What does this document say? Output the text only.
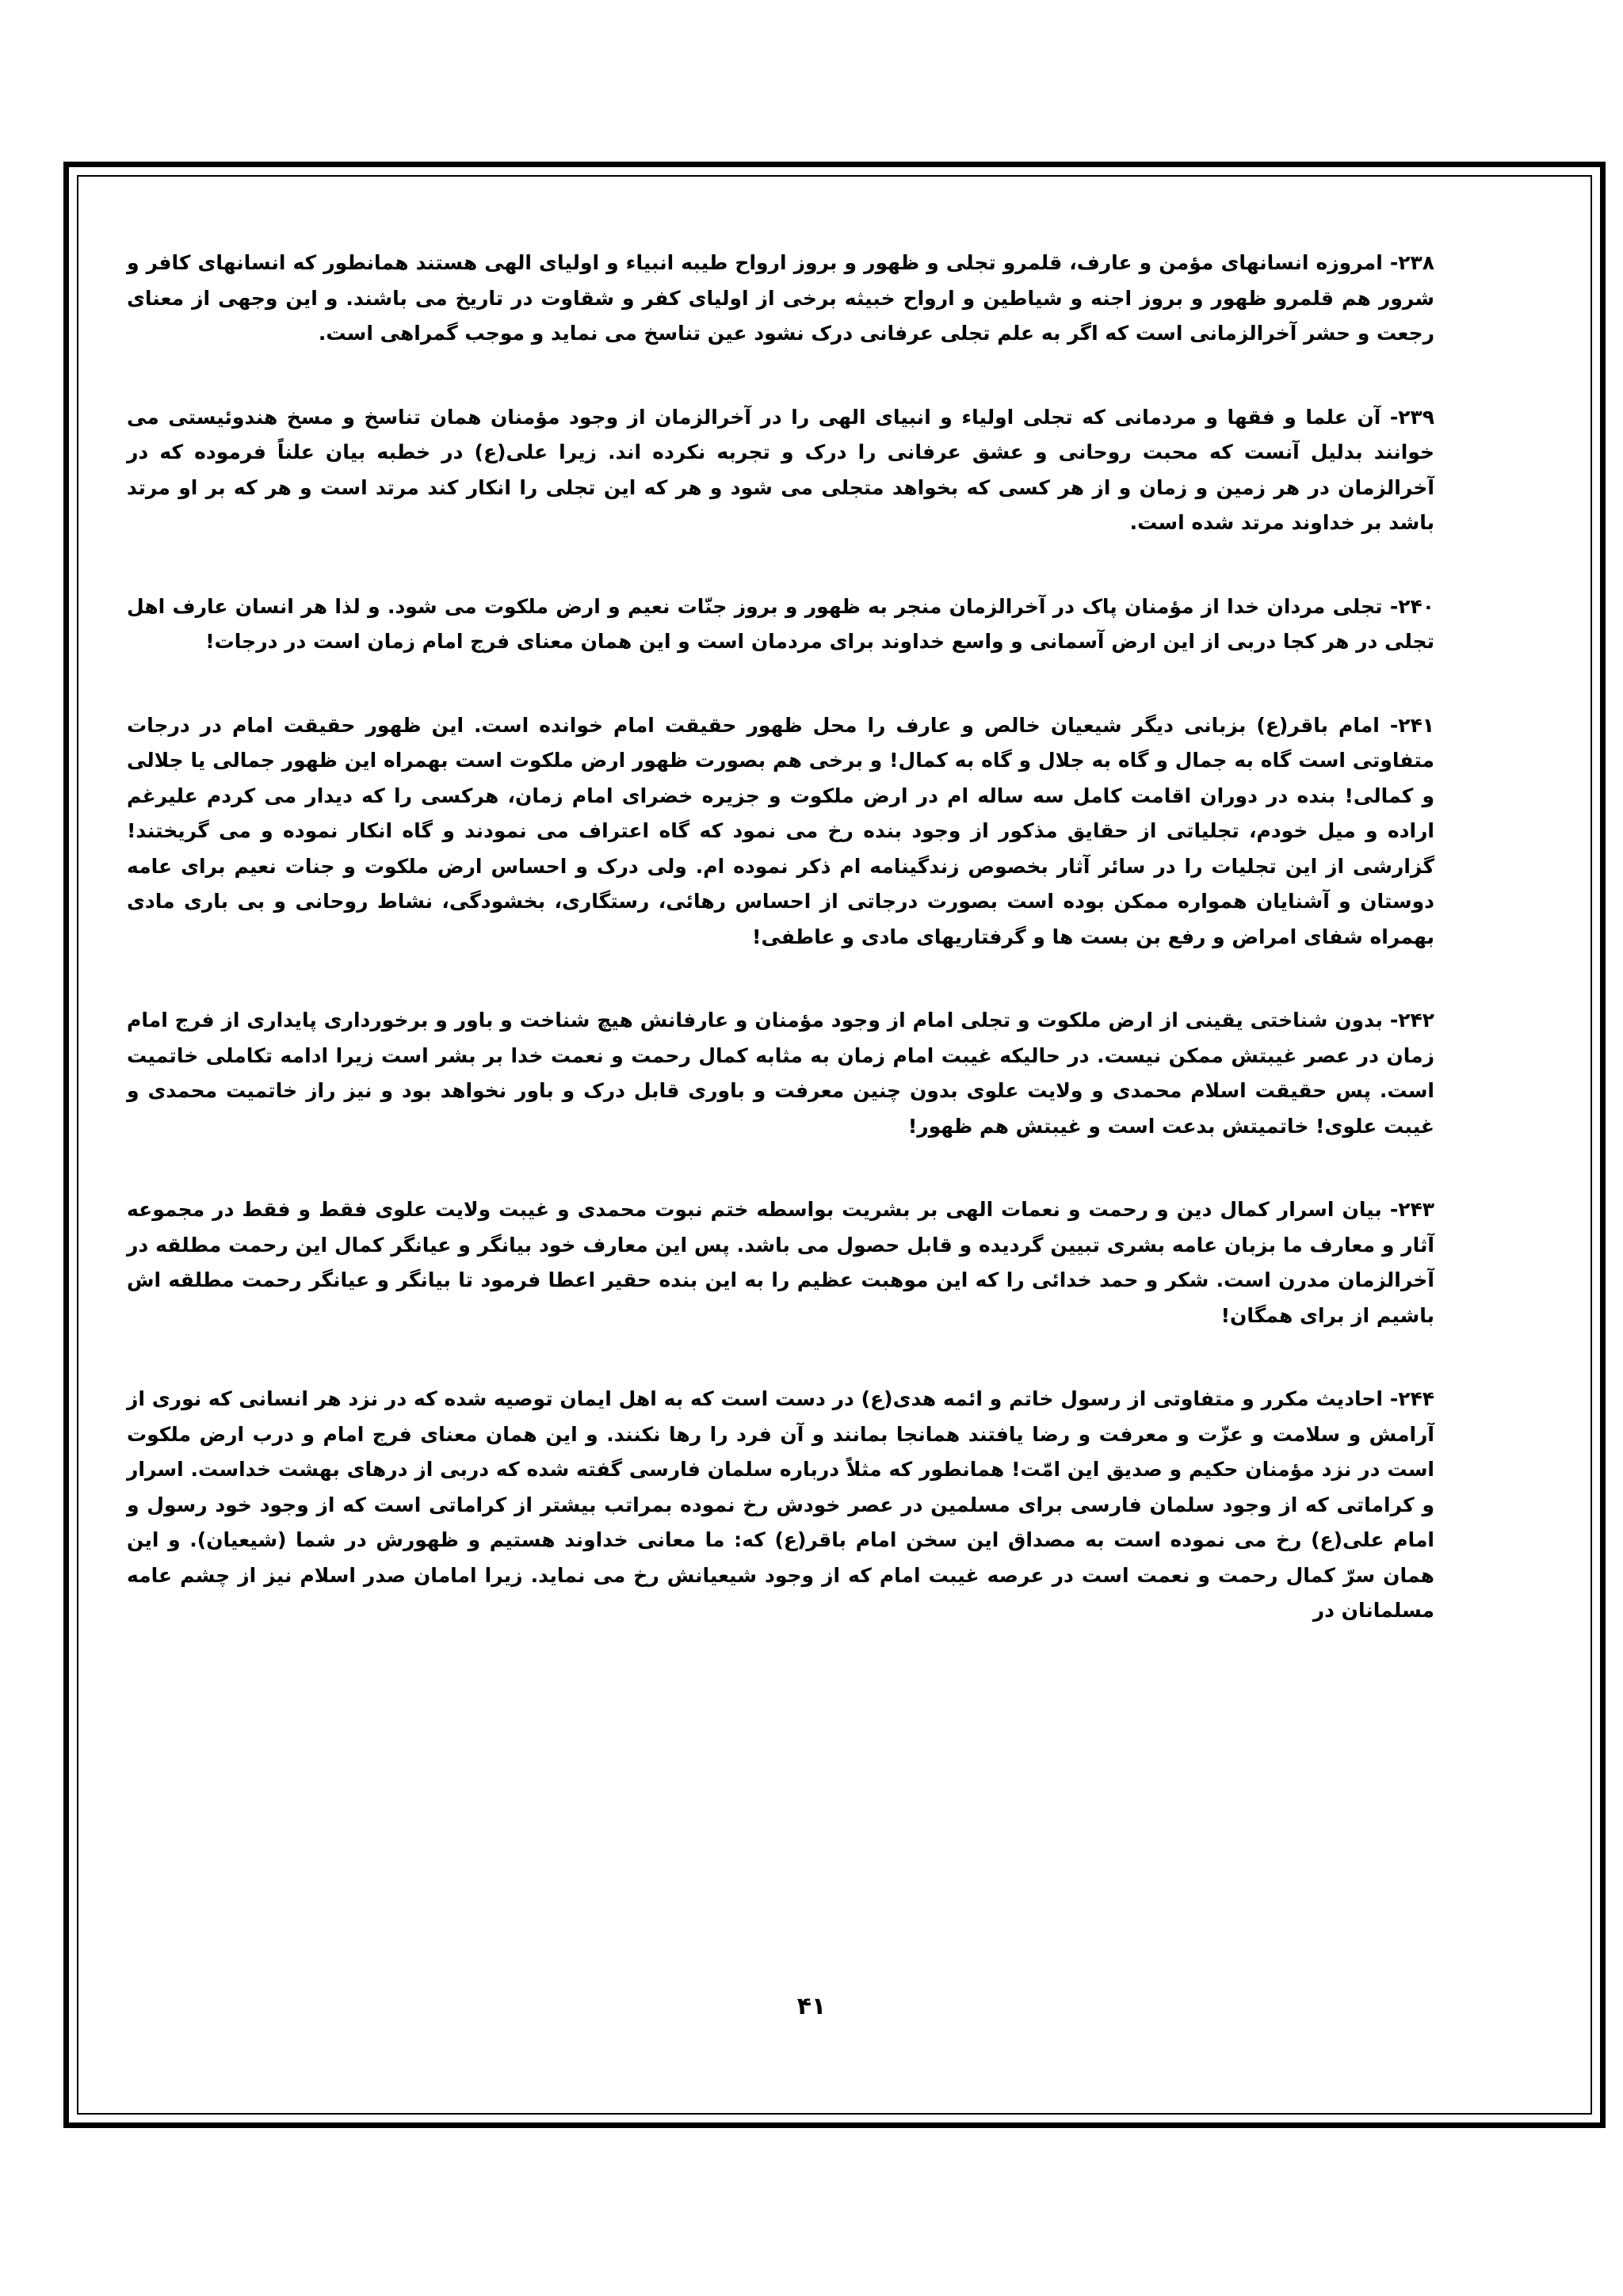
۲۳۸- امروزه انسانهای مؤمن و عارف، قلمرو تجلی و ظهور و بروز ارواح طیبه انبیاء و اولیای الهی هستند همانطور که انسانهای کافر و شرور هم قلمرو ظهور و بروز اجنه و شیاطین و ارواح خبیثه برخی از اولیای کفر و شقاوت در تاریخ می باشند. و این وجهی از معنای رجعت و حشر آخرالزمانی است که اگر به علم تجلی عرفانی درک نشود عین تناسخ می نماید و موجب گمراهی است.

۲۳۹- آن علما و فقها و مردمانی که تجلی اولیاء و انبیای الهی را در آخرالزمان از وجود مؤمنان همان تناسخ و مسخ هندوئیستی می خوانند بدلیل آنست که محبت روحانی و عشق عرفانی را درک و تجربه نکرده اند. زیرا علی(ع) در خطبه بیان علناً فرموده که در آخرالزمان در هر زمین و زمان و از هر کسی که بخواهد متجلی می شود و هر که این تجلی را انکار کند مرتد است و هر که بر او مرتد باشد بر خداوند مرتد شده است.

۲۴۰- تجلی مردان خدا از مؤمنان پاک در آخرالزمان منجر به ظهور و بروز جنّات نعیم و ارض ملکوت می شود. و لذا هر انسان عارف اهل تجلی در هر کجا دربی از این ارض آسمانی و واسع خداوند برای مردمان است و این همان معنای فرج امام زمان است در درجات!

۲۴۱- امام باقر(ع) بزبانی دیگر شیعیان خالص و عارف را محل ظهور حقیقت امام خوانده است. این ظهور حقیقت امام در درجات متفاوتی است گاه به جمال و گاه به جلال و گاه به کمال! و برخی هم بصورت ظهور ارض ملکوت است بهمراه این ظهور جمالی یا جلالی و کمالی! بنده در دوران اقامت کامل سه ساله ام در ارض ملکوت و جزیره خضرای امام زمان، هرکسی را که دیدار می کردم علیرغم اراده و میل خودم، تجلیاتی از حقایق مذکور از وجود بنده رخ می نمود که گاه اعتراف می نمودند و گاه انکار نموده و می گریختند! گزارشی از این تجلیات را در سائر آثار بخصوص زندگینامه ام ذکر نموده ام. ولی درک و احساس ارض ملکوت و جنات نعیم برای عامه دوستان و آشنایان همواره ممکن بوده است بصورت درجاتی از احساس رهائی، رستگاری، بخشودگی، نشاط روحانی و بی باری مادی بهمراه شفای امراض و رفع بن بست ها و گرفتاریهای مادی و عاطفی!

۲۴۲- بدون شناختی یقینی از ارض ملکوت و تجلی امام از وجود مؤمنان و عارفانش هیچ شناخت و باور و برخورداری پایداری از فرج امام زمان در عصر غیبتش ممکن نیست. در حالیکه غیبت امام زمان به مثابه کمال رحمت و نعمت خدا بر بشر است زیرا ادامه تکاملی خاتمیت است. پس حقیقت اسلام محمدی و ولایت علوی بدون چنین معرفت و باوری قابل درک و باور نخواهد بود و نیز راز خاتمیت محمدی و غیبت علوی! خاتمیتش بدعت است و غیبتش هم ظهور!

۲۴۳- بیان اسرار کمال دین و رحمت و نعمات الهی بر بشریت بواسطه ختم نبوت محمدی و غیبت ولایت علوی فقط و فقط در مجموعه آثار و معارف ما بزبان عامه بشری تبیین گردیده و قابل حصول می باشد. پس این معارف خود بیانگر و عیانگر کمال این رحمت مطلقه در آخرالزمان مدرن است. شکر و حمد خدائی را که این موهبت عظیم را به این بنده حقیر اعطا فرمود تا بیانگر و عیانگر رحمت مطلقه اش باشیم از برای همگان!

۲۴۴- احادیث مکرر و متفاوتی از رسول خاتم و ائمه هدی(ع) در دست است که به اهل ایمان توصیه شده که در نزد هر انسانی که نوری از آرامش و سلامت و عزّت و معرفت و رضا یافتند همانجا بمانند و آن فرد را رها نکنند. و این همان معنای فرج امام و درب ارض ملکوت است در نزد مؤمنان حکیم و صدیق این امّت! همانطور که مثلاً درباره سلمان فارسی گفته شده که دربی از درهای بهشت خداست. اسرار و کراماتی که از وجود سلمان فارسی برای مسلمین در عصر خودش رخ نموده بمراتب بیشتر از کراماتی است که از وجود خود رسول و امام علی(ع) رخ می نموده است به مصداق این سخن امام باقر(ع) که: ما معانی خداوند هستیم و ظهورش در شما (شیعیان). و این همان سرّ کمال رحمت و نعمت است در عرصه غیبت امام که از وجود شیعیانش رخ می نماید. زیرا امامان صدر اسلام نیز از چشم عامه مسلمانان در

۴۱
